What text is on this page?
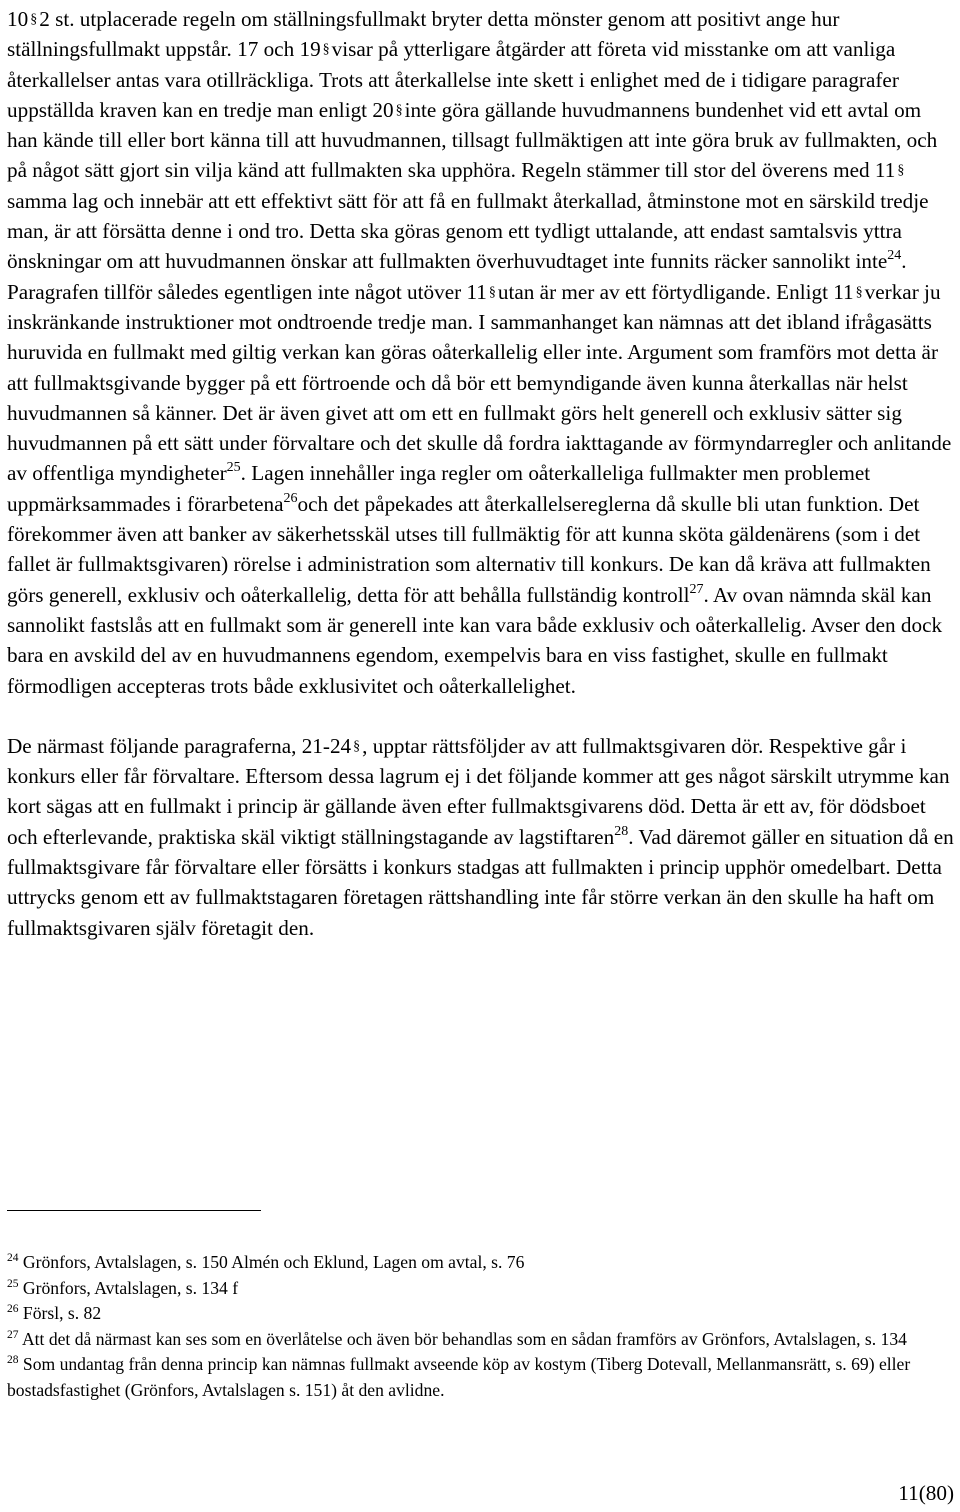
10 §2 st. utplacerade regeln om ställningsfullmakt bryter detta mönster genom att positivt ange hur ställningsfullmakt uppstår. 17 och 19 §visar på ytterligare åtgärder att företa vid misstanke om att vanliga återkallelser antas vara otillräckliga. Trots att återkallelse inte skett i enlighet med de i tidigare paragrafer uppställda kraven kan en tredje man enligt 20 §inte göra gällande huvudmannens bundenhet vid ett avtal om han kände till eller bort känna till att huvudmannen, tillsagt fullmäktigen att inte göra bruk av fullmakten, och på något sätt gjort sin vilja känd att fullmakten ska upphöra. Regeln stämmer till stor del överens med 11 §samma lag och innebär att ett effektivt sätt för att få en fullmakt återkallad, åtminstone mot en särskild tredje man, är att försätta denne i ond tro. Detta ska göras genom ett tydligt uttalande, att endast samtalsvis yttra önskningar om att huvudmannen önskar att fullmakten överhuvudtaget inte funnits räcker sannolikt inte$^{24}$. Paragrafen tillför således egentligen inte något utöver 11 §utan är mer av ett förtydligande. Enligt 11 §verkar ju inskränkande instruktioner mot ondtroende tredje man. I sammanhanget kan nämnas att det ibland ifrågasätts huruvida en fullmakt med giltig verkan kan göras oåterkallelig eller inte. Argument som framförs mot detta är att fullmaktsgivande bygger på ett förtroende och då bör ett bemyndigande även kunna återkallas när helst huvudmannen så känner. Det är även givet att om ett en fullmakt görs helt generell och exklusiv sätter sig huvudmannen på ett sätt under förvaltare och det skulle då fordra iakttagande av förmyndarregler och anlitande av offentliga myndigheter$^{25}$. Lagen innehåller inga regler om oåterkalleliga fullmakter men problemet uppmärksammades i förarbetena$^{26}$och det påpekades att återkallelsereglerna då skulle bli utan funktion. Det förekommer även att banker av säkerhetsskäl utses till fullmäktig för att kunna sköta gäldenärens (som i det fallet är fullmaktsgivaren) rörelse i administration som alternativ till konkurs. De kan då kräva att fullmakten görs generell, exklusiv och oåterkallelig, detta för att behålla fullständig kontroll$^{27}$. Av ovan nämnda skäl kan sannolikt fastslås att en fullmakt som är generell inte kan vara både exklusiv och oåterkallelig. Avser den dock bara en avskild del av en huvudmannens egendom, exempelvis bara en viss fastighet, skulle en fullmakt förmodligen accepteras trots både exklusivitet och oåterkallelighet.

De närmast följande paragraferna, 21-24 §, upptar rättsföljder av att fullmaktsgivaren dör. Respektive går i konkurs eller får förvaltare. Eftersom dessa lagrum ej i det följande kommer att ges något särskilt utrymme kan kort sägas att en fullmakt i princip är gällande även efter fullmaktsgivarens död. Detta är ett av, för dödsboet och efterlevande, praktiska skäl viktigt ställningstagande av lagstiftaren$^{28}$. Vad däremot gäller en situation då en fullmaktsgivare får förvaltare eller försätts i konkurs stadgas att fullmakten i princip upphör omedelbart. Detta uttrycks genom ett av fullmaktstagaren företagen rättshandling inte får större verkan än den skulle ha haft om fullmaktsgivaren själv företagit den.

$^{24}$ Grönfors, Avtalslagen, s. 150 Almén och Eklund, Lagen om avtal, s. 76

$^{25}$ Grönfors, Avtalslagen, s. 134 f

$^{26}$ Försl, s. 82

$^{27}$ Att det då närmast kan ses som en överlåtelse och även bör behandlas som en sådan framförs av Grönfors, Avtalslagen, s. 134

$^{28}$ Som undantag från denna princip kan nämnas fullmakt avseende köp av kostym (Tiberg Dotevall, Mellanmansrätt, s. 69) eller bostadsfastighet (Grönfors, Avtalslagen s. 151) åt den avlidne.

11(80)
